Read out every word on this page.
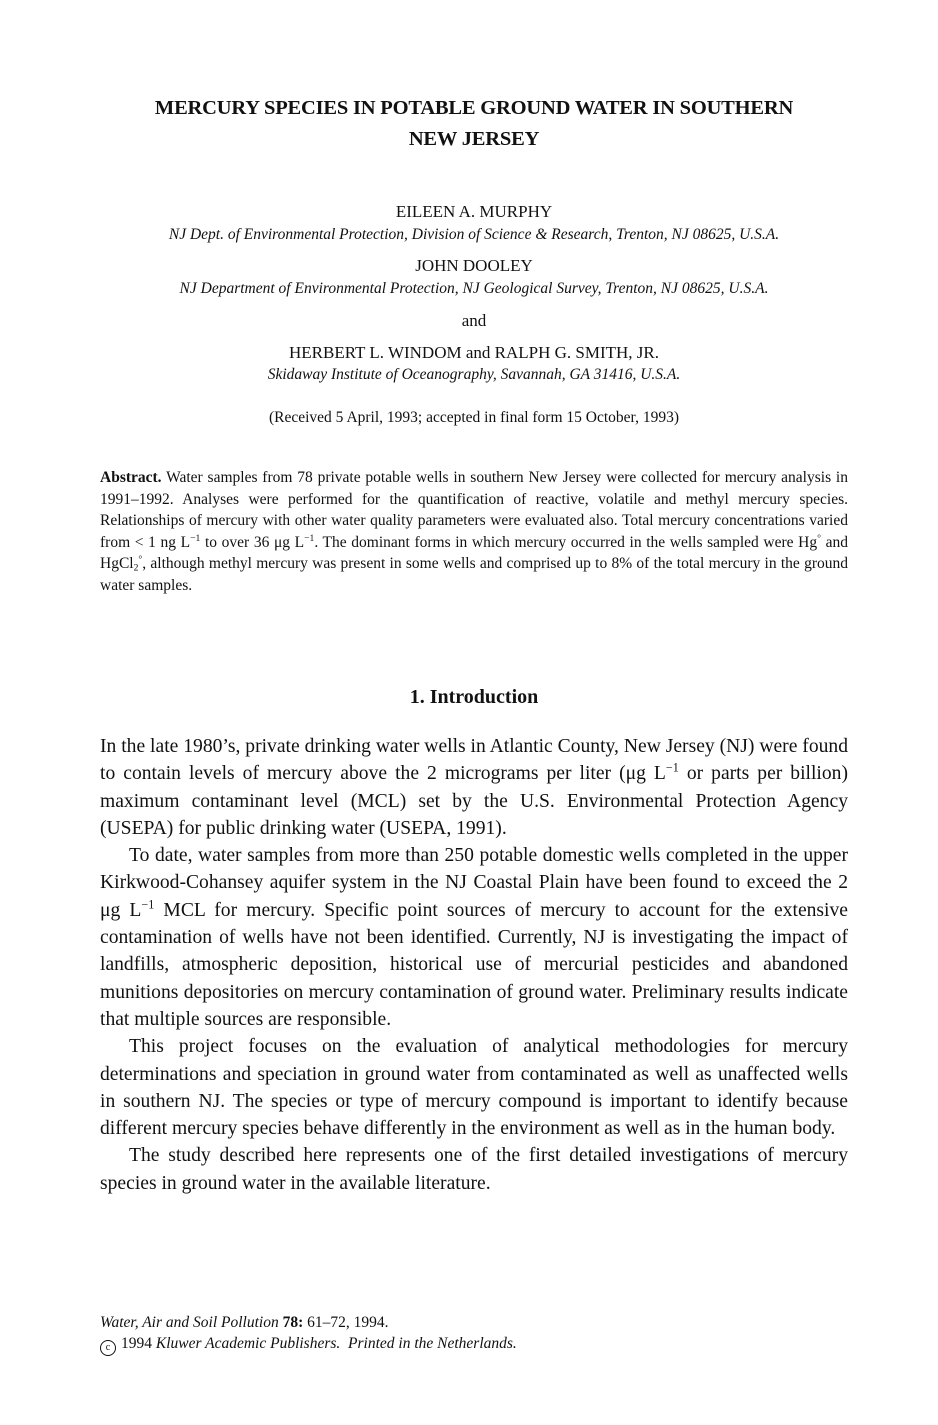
MERCURY SPECIES IN POTABLE GROUND WATER IN SOUTHERN
NEW JERSEY
EILEEN A. MURPHY
NJ Dept. of Environmental Protection, Division of Science & Research, Trenton, NJ 08625, U.S.A.
JOHN DOOLEY
NJ Department of Environmental Protection, NJ Geological Survey, Trenton, NJ 08625, U.S.A.
and
HERBERT L. WINDOM and RALPH G. SMITH, JR.
Skidaway Institute of Oceanography, Savannah, GA 31416, U.S.A.
(Received 5 April, 1993; accepted in final form 15 October, 1993)
Abstract. Water samples from 78 private potable wells in southern New Jersey were collected for mercury analysis in 1991–1992. Analyses were performed for the quantification of reactive, volatile and methyl mercury species. Relationships of mercury with other water quality parameters were evaluated also. Total mercury concentrations varied from < 1 ng $L^{-1}$ to over 36 μg $L^{-1}$. The dominant forms in which mercury occurred in the wells sampled were Hg° and HgCl$_2$°, although methyl mercury was present in some wells and comprised up to 8% of the total mercury in the ground water samples.
1. Introduction

In the late 1980’s, private drinking water wells in Atlantic County, New Jersey (NJ) were found to contain levels of mercury above the 2 micrograms per liter (μg $L^{-1}$ or parts per billion) maximum contaminant level (MCL) set by the U.S. Environmental Protection Agency (USEPA) for public drinking water (USEPA, 1991).

To date, water samples from more than 250 potable domestic wells completed in the upper Kirkwood-Cohansey aquifer system in the NJ Coastal Plain have been found to exceed the 2 μg $L^{-1}$ MCL for mercury. Specific point sources of mercury to account for the extensive contamination of wells have not been identified. Currently, NJ is investigating the impact of landfills, atmospheric deposition, historical use of mercurial pesticides and abandoned munitions depositories on mercury contamination of ground water. Preliminary results indicate that multiple sources are responsible.

This project focuses on the evaluation of analytical methodologies for mercury determinations and speciation in ground water from contaminated as well as unaffected wells in southern NJ. The species or type of mercury compound is important to identify because different mercury species behave differently in the environment as well as in the human body.

The study described here represents one of the first detailed investigations of mercury species in ground water in the available literature.

Water, Air and Soil Pollution 78: 61–72, 1994.
c 1994 Kluwer Academic Publishers. Printed in the Netherlands.
